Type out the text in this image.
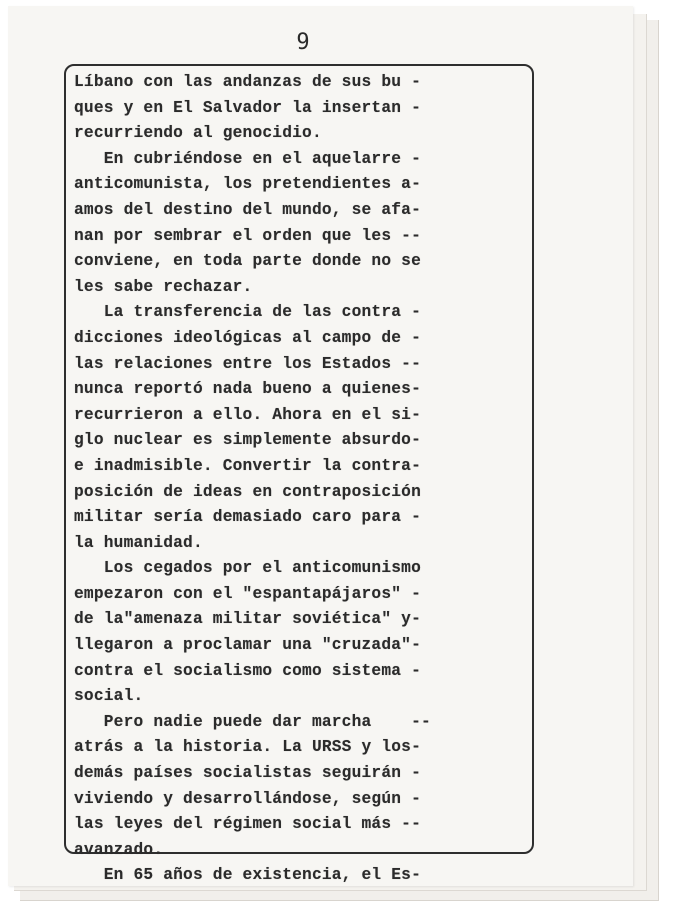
9
Líbano con las andanzas de sus bu -
ques y en El Salvador la insertan -
recurriendo al genocidio.
En cubriéndose en el aquelarre -
anticomunista, los pretendientes a-
amos del destino del mundo, se afa-
nan por sembrar el orden que les --
conviene, en toda parte donde no se
les sabe rechazar.
La transferencia de las contra -
dicciones ideológicas al campo de -
las relaciones entre los Estados --
nunca reportó nada bueno a quienes-
recurrieron a ello. Ahora en el si-
glo nuclear es simplemente absurdo-
e inadmisible. Convertir la contra-
posición de ideas en contraposición
militar sería demasiado caro para -
la humanidad.
Los cegados por el anticomunismo
empezaron con el "espantapájaros" -
de la"amenaza militar soviética" y-
llegaron a proclamar una "cruzada"-
contra el socialismo como sistema -
social.
Pero nadie puede dar marcha    --
atrás a la historia. La URSS y los-
demás países socialistas seguirán -
viviendo y desarrollándose, según -
las leyes del régimen social más --
avanzado.
En 65 años de existencia, el Es-
